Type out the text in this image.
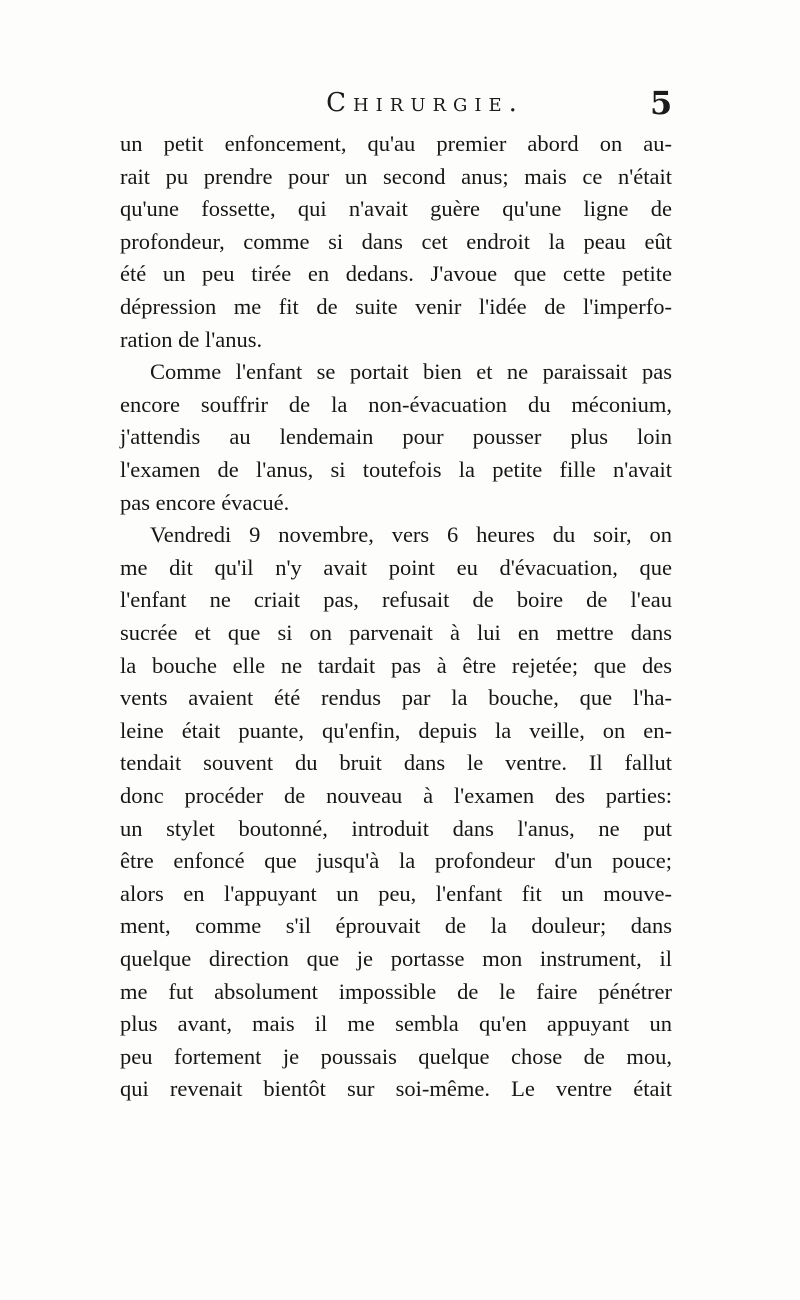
Chirurgie.	5
un petit enfoncement, qu'au premier abord on au-
rait pu prendre pour un second anus; mais ce n'était
qu'une fossette, qui n'avait guère qu'une ligne de
profondeur, comme si dans cet endroit la peau eût
été un peu tirée en dedans. J'avoue que cette petite
dépression me fit de suite venir l'idée de l'imperfo-
ration de l'anus.
Comme l'enfant se portait bien et ne paraissait pas
encore souffrir de la non-évacuation du méconium,
j'attendis au lendemain pour pousser plus loin
l'examen de l'anus, si toutefois la petite fille n'avait
pas encore évacué.
Vendredi 9 novembre, vers 6 heures du soir, on
me dit qu'il n'y avait point eu d'évacuation, que
l'enfant ne criait pas, refusait de boire de l'eau
sucrée et que si on parvenait à lui en mettre dans
la bouche elle ne tardait pas à être rejetée; que des
vents avaient été rendus par la bouche, que l'ha-
leine était puante, qu'enfin, depuis la veille, on en-
tendait souvent du bruit dans le ventre. Il fallut
donc procéder de nouveau à l'examen des parties:
un stylet boutonné, introduit dans l'anus, ne put
être enfoncé que jusqu'à la profondeur d'un pouce;
alors en l'appuyant un peu, l'enfant fit un mouve-
ment, comme s'il éprouvait de la douleur; dans
quelque direction que je portasse mon instrument, il
me fut absolument impossible de le faire pénétrer
plus avant, mais il me sembla qu'en appuyant un
peu fortement je poussais quelque chose de mou,
qui revenait bientôt sur soi-même. Le ventre était
